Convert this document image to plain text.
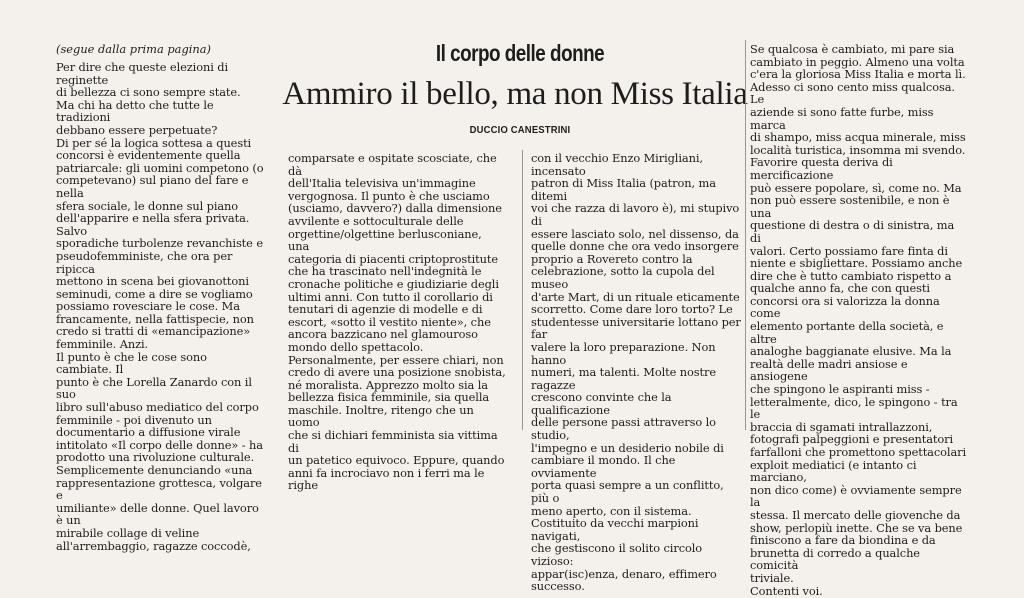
(segue dalla prima pagina)	Il corpo delle donne
Ammiro il bello, ma non Miss Italia
DUCCIO CANESTRINI
Per dire che queste elezioni di reginette
di bellezza ci sono sempre state.
Ma chi ha detto che tutte le tradizioni
debbano essere perpetuate?
Di per sé la logica sottesa a questi
concorsi è evidentemente quella
patriarcale: gli uomini competono (o
competevano) sul piano del fare e nella
sfera sociale, le donne sul piano
dell'apparire e nella sfera privata. Salvo
sporadiche turbolenze revanchiste e
pseudofemministe, che ora per ripicca
mettono in scena bei giovanottoni
seminudi, come a dire se vogliamo
possiamo rovesciare le cose. Ma
francamente, nella fattispecie, non
credo si tratti di «emancipazione»
femminile. Anzi.
Il punto è che le cose sono cambiate. Il
punto è che Lorella Zanardo con il suo
libro sull'abuso mediatico del corpo
femminile - poi divenuto un
documentario a diffusione virale
intitolato «Il corpo delle donne» - ha
prodotto una rivoluzione culturale.
Semplicemente denunciando «una
rappresentazione grottesca, volgare e
umiliante» delle donne. Quel lavoro è un
mirabile collage di veline
all'arrembaggio, ragazze coccodè,
comparsate e ospitate scosciate, che dà
dell'Italia televisiva un'immagine
vergognosa. Il punto è che usciamo
(usciamo, davvero?) dalla dimensione
avvilente e sottoculturale delle
orgettine/olgettine berlusconiane, una
categoria di piacenti criptoprostitute
che ha trascinato nell'indegnità le
cronache politiche e giudiziarie degli
ultimi anni. Con tutto il corollario di
tenutari di agenzie di modelle e di
escort, «sotto il vestito niente», che
ancora bazzicano nel glamouroso
mondo dello spettacolo.
Personalmente, per essere chiari, non
credo di avere una posizione snobista,
né moralista. Apprezzo molto sia la
bellezza fisica femminile, sia quella
maschile. Inoltre, ritengo che un uomo
che si dichiari femminista sia vittima di
un patetico equivoco. Eppure, quando
anni fa incrociavo non i ferri ma le righe
con il vecchio Enzo Mirigliani, incensato
patron di Miss Italia (patron, ma ditemi
voi che razza di lavoro è), mi stupivo di
essere lasciato solo, nel dissenso, da
quelle donne che ora vedo insorgere
proprio a Rovereto contro la
celebrazione, sotto la cupola del museo
d'arte Mart, di un rituale eticamente
scorretto. Come dare loro torto? Le
studentesse universitarie lottano per far
valere la loro preparazione. Non hanno
numeri, ma talenti. Molte nostre ragazze
crescono convinte che la qualificazione
delle persone passi attraverso lo studio,
l'impegno e un desiderio nobile di
cambiare il mondo. Il che ovviamente
porta quasi sempre a un conflitto, più o
meno aperto, con il sistema.
Costituito da vecchi marpioni navigati,
che gestiscono il solito circolo vizioso:
appar(isc)enza, denaro, effimero
successo.
Se qualcosa è cambiato, mi pare sia
cambiato in peggio. Almeno una volta
c'era la gloriosa Miss Italia e morta lì.
Adesso ci sono cento miss qualcosa. Le
aziende si sono fatte furbe, miss marca
di shampo, miss acqua minerale, miss
località turistica, insomma mi svendo.
Favorire questa deriva di mercificazione
può essere popolare, sì, come no. Ma
non può essere sostenibile, e non è una
questione di destra o di sinistra, ma di
valori. Certo possiamo fare finta di
niente e sbigliettare. Possiamo anche
dire che è tutto cambiato rispetto a
qualche anno fa, che con questi
concorsi ora si valorizza la donna come
elemento portante della società, e altre
analoghe baggianate elusive. Ma la
realtà delle madri ansiose e ansiogene
che spingono le aspiranti miss -
letteralmente, dico, le spingono - tra le
braccia di sgamati intrallazzoni,
fotografi palpeggioni e presentatori
farfalloni che promettono spettacolari
exploit mediatici (e intanto ci marciano,
non dico come) è ovviamente sempre la
stessa. Il mercato delle giovenche da
show, perlopiù inette. Che se va bene
finiscono a fare da biondina e da
brunetta di corredo a qualche comicità
triviale.
Contenti voi.
